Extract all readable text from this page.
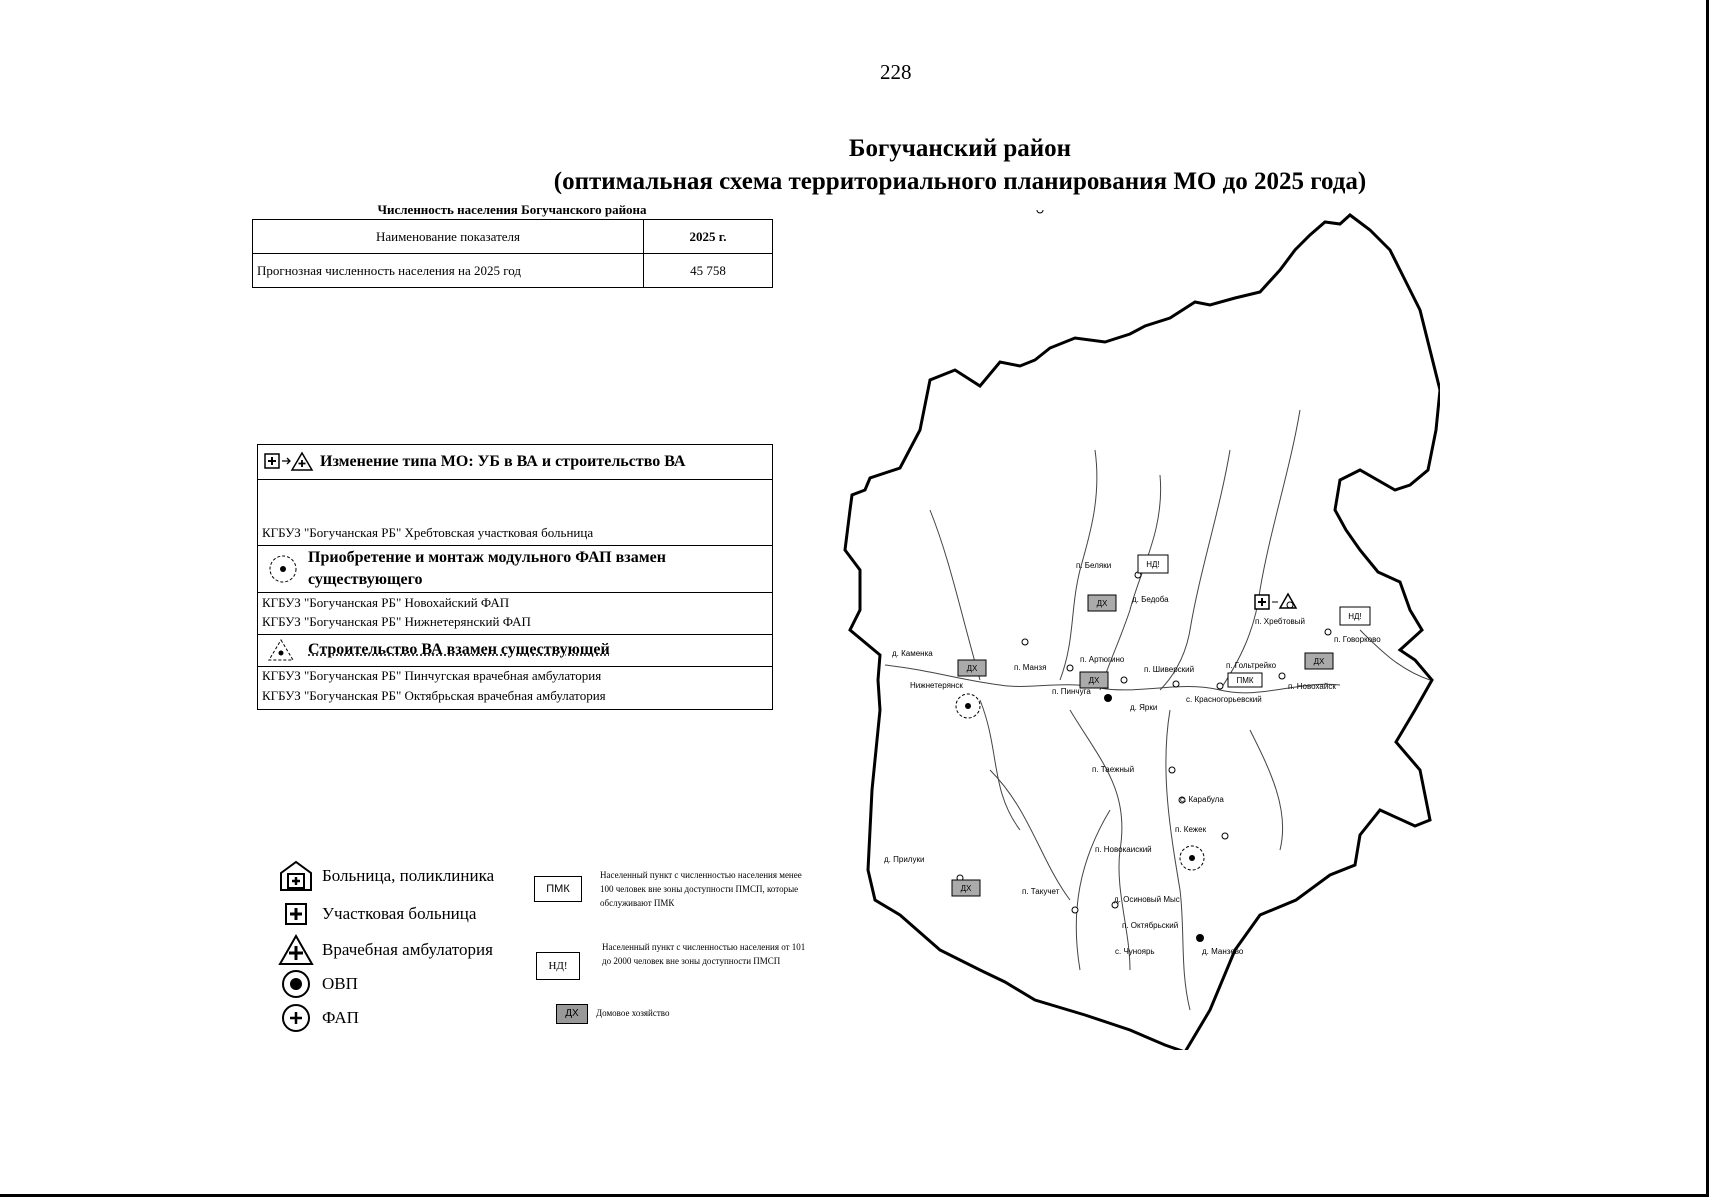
228
Богучанский район
(оптимальная схема территориального планирования МО до 2025 года)
Численность населения Богучанского района
Наименование показателя	2025 г.
Прогнозная численность населения на 2025 год	45 758
Изменение типа МО: УБ в ВА и строительство ВА
КГБУЗ "Богучанская РБ" Хребтовская участковая больница
Приобретение и монтаж модульного ФАП взамен
существующего
КГБУЗ "Богучанская РБ" Новохайский ФАП
КГБУЗ "Богучанская РБ" Нижнетерянский ФАП
Строительство ВА взамен существующей
КГБУЗ "Богучанская РБ" Пинчугская врачебная амбулатория
КГБУЗ "Богучанская РБ" Октябрьская врачебная амбулатория
Больница, поликлиника
Участковая больница
Врачебная амбулатория
ОВП
ФАП
ПМК
Населенный пункт с численностью населения менее 100 человек вне зоны доступности ПМСП, которые обслуживают ПМК
НД!
Населенный пункт с численностью населения от 101 до 2000 человек вне зоны доступности ПМСП
ДХ	Домовое хозяйство
НД!
ДХ
НД!
ДХ
ДХ
ДХ	ПМК
ДХ
п. Беляки
д. Бедоба
п. Хребтовый
п. Говорково
д. Каменка
п. Манзя
п. Артюгино
п. Шиверский	п. Гольтрейко
п. Новохайск
Нижнетерянск
п. Пинчуга
д. Ярки
с. Красногорьевский
п. Таежный
с. Карабула
п. Кежек
п. Новокаиский
д. Прилуки
п. Такучет
д. Осиновый Мыс
п. Октябрьский
с. Чуноярь	д. Манзево
